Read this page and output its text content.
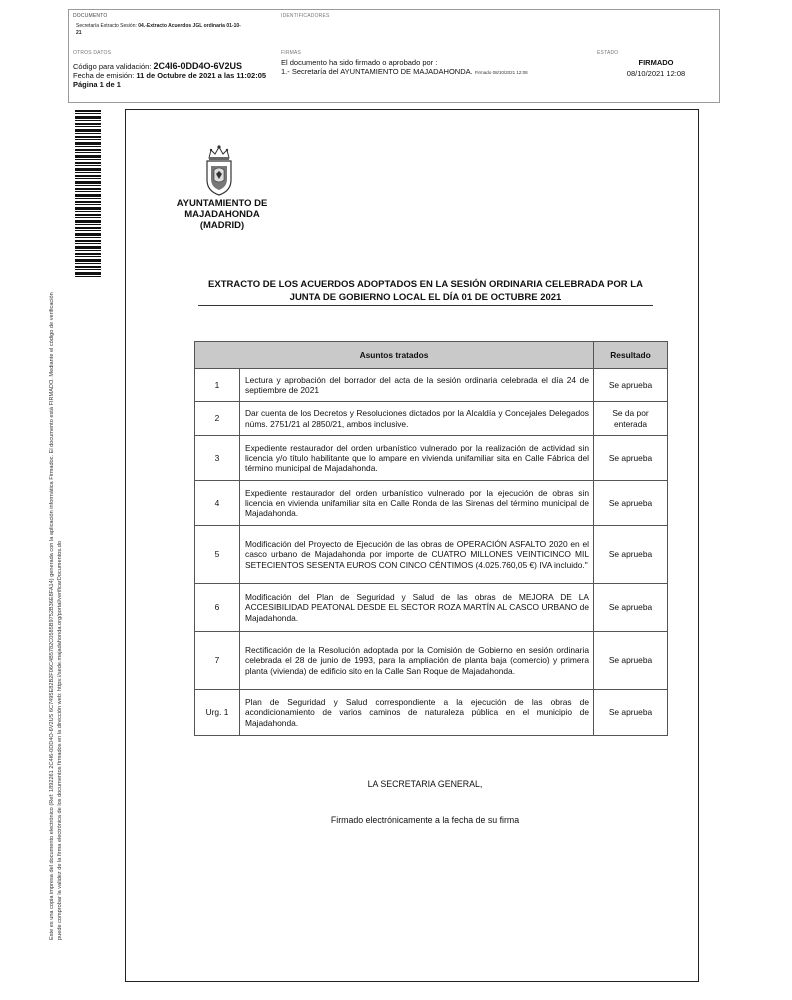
DOCUMENTO
Secretaría Extracto Sesión: 04.-Extracto Acuerdos JGL ordinaria 01-10-21
IDENTIFICADORES
OTROS DATOS
Código para validación: 2C4I6-0DD4O-6V2US
Fecha de emisión: 11 de Octubre de 2021 a las 11:02:05
Página 1 de 1
FIRMAS
El documento ha sido firmado o aprobado por :
1.- Secretaría del AYUNTAMIENTO DE MAJADAHONDA. Firmado 08/10/2021 12:08
ESTADO
FIRMADO
08/10/2021 12:08
Este es una copia impresa del documento electrónico (Ref: 1892261 2C4I6-0DD4O-6V2US 6C7495E82B2F06C4B5782C0585B9752B36E8FA14) generada con la aplicación informática Firmadoc. El documento está FIRMADO. Mediante el código de verificación puede comprobar la validez de la firma electrónica de los documentos firmados en la dirección web: https://sede.majadahonda.org/portal/verificarDocumentos.do
AYUNTAMIENTO DE
MAJADAHONDA
(MADRID)
EXTRACTO DE LOS ACUERDOS ADOPTADOS EN LA SESIÓN ORDINARIA CELEBRADA POR LA
JUNTA DE GOBIERNO LOCAL EL DÍA 01 DE OCTUBRE 2021
Asuntos tratados		Resultado
1	Lectura y aprobación del borrador del acta de la sesión ordinaria celebrada el día 24 de septiembre de 2021	Se aprueba
2	Dar cuenta de los Decretos y Resoluciones dictados por la Alcaldía y Concejales Delegados núms. 2751/21 al 2850/21, ambos inclusive.	Se da por enterada
3	Expediente restaurador del orden urbanístico vulnerado por la realización de actividad sin licencia y/o título habilitante que lo ampare en vivienda unifamiliar sita en Calle Fábrica del término municipal de Majadahonda.	Se aprueba
4	Expediente restaurador del orden urbanístico vulnerado por la ejecución de obras sin licencia en vivienda unifamiliar sita en Calle Ronda de las Sirenas del término municipal de Majadahonda.	Se aprueba
5	Modificación del Proyecto de Ejecución de las obras de OPERACIÓN ASFALTO 2020 en el casco urbano de Majadahonda por importe de CUATRO MILLONES VEINTICINCO MIL SETECIENTOS SESENTA EUROS CON CINCO CÉNTIMOS (4.025.760,05 €) IVA incluido."	Se aprueba
6	Modificación del Plan de Seguridad y Salud de las obras de MEJORA DE LA ACCESIBILIDAD PEATONAL DESDE EL SECTOR ROZA MARTÍN AL CASCO URBANO de Majadahonda.	Se aprueba
7	Rectificación de la Resolución adoptada por la Comisión de Gobierno en sesión ordinaria celebrada el 28 de junio de 1993, para la ampliación de planta baja (comercio) y primera planta (vivienda) de edificio sito en la Calle San Roque de Majadahonda.	Se aprueba
Urg. 1	Plan de Seguridad y Salud correspondiente a la ejecución de las obras de acondicionamiento de varios caminos de naturaleza pública en el municipio de Majadahonda.	Se aprueba
LA SECRETARIA GENERAL,
Firmado electrónicamente a la fecha de su firma
